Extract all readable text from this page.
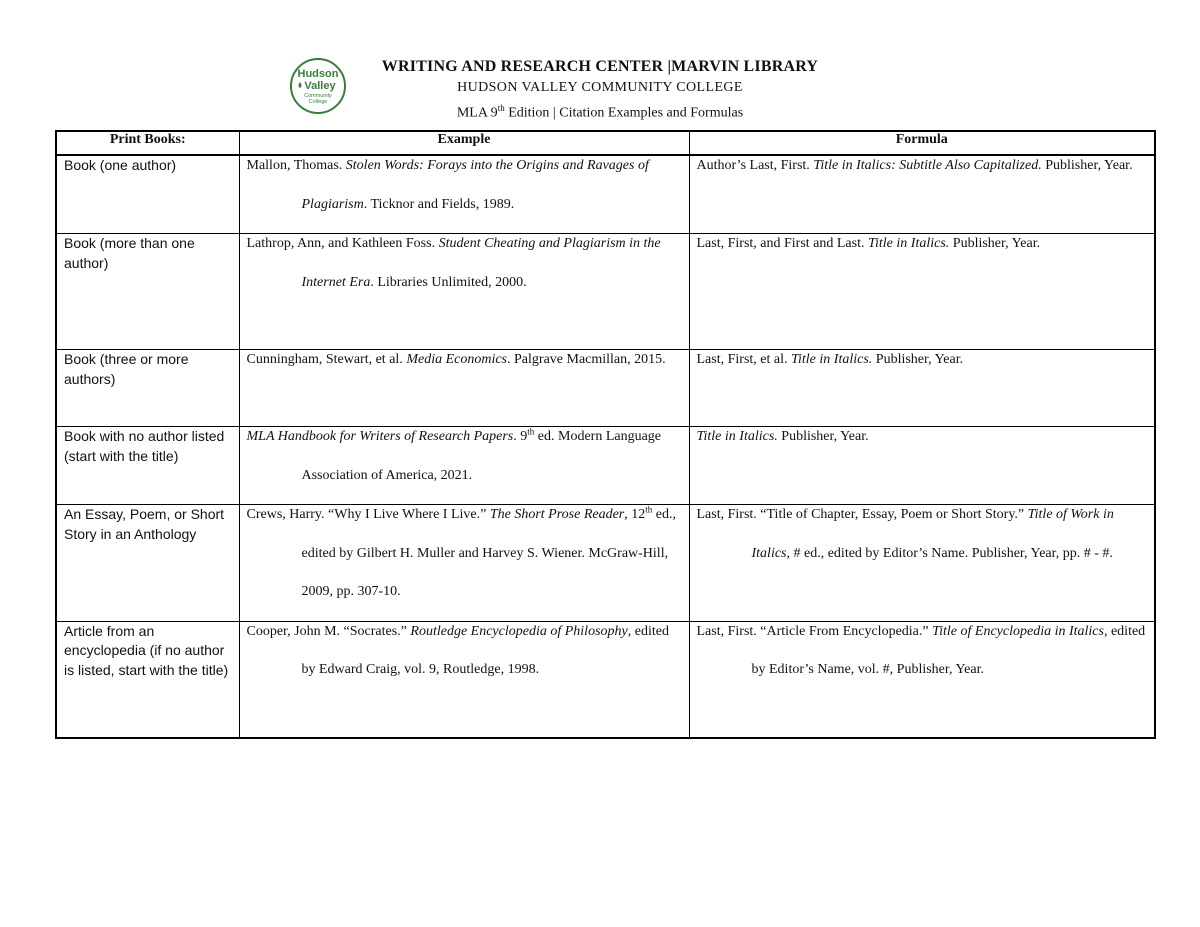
Hudson
Valley
Community
College
WRITING AND RESEARCH CENTER |MARVIN LIBRARY
HUDSON VALLEY COMMUNITY COLLEGE
MLA 9th Edition | Citation Examples and Formulas
Print Books:	Example	Formula
Book (one author)	Mallon, Thomas. Stolen Words: Forays into the Origins and Ravages of Plagiarism. Ticknor and Fields, 1989.	Author’s Last, First. Title in Italics: Subtitle Also Capitalized. Publisher, Year.

Book (more than one author)	Lathrop, Ann, and Kathleen Foss. Student Cheating and Plagiarism in the Internet Era. Libraries Unlimited, 2000.	Last, First, and First and Last. Title in Italics. Publisher, Year.

Book (three or more authors)	Cunningham, Stewart, et al. Media Economics. Palgrave Macmillan, 2015.	Last, First, et al. Title in Italics. Publisher, Year.

Book with no author listed (start with the title)	MLA Handbook for Writers of Research Papers. 9th ed. Modern Language Association of America, 2021.	Title in Italics. Publisher, Year.

An Essay, Poem, or Short Story in an Anthology	Crews, Harry. “Why I Live Where I Live.” The Short Prose Reader, 12th ed., edited by Gilbert H. Muller and Harvey S. Wiener. McGraw-Hill, 2009, pp. 307-10.	Last, First. “Title of Chapter, Essay, Poem or Short Story.” Title of Work in Italics, # ed., edited by Editor’s Name. Publisher, Year, pp. # - #.

Article from an encyclopedia (if no author is listed, start with the title)	Cooper, John M. “Socrates.” Routledge Encyclopedia of Philosophy, edited by Edward Craig, vol. 9, Routledge, 1998.	Last, First. “Article From Encyclopedia.” Title of Encyclopedia in Italics, edited by Editor’s Name, vol. #, Publisher, Year.
